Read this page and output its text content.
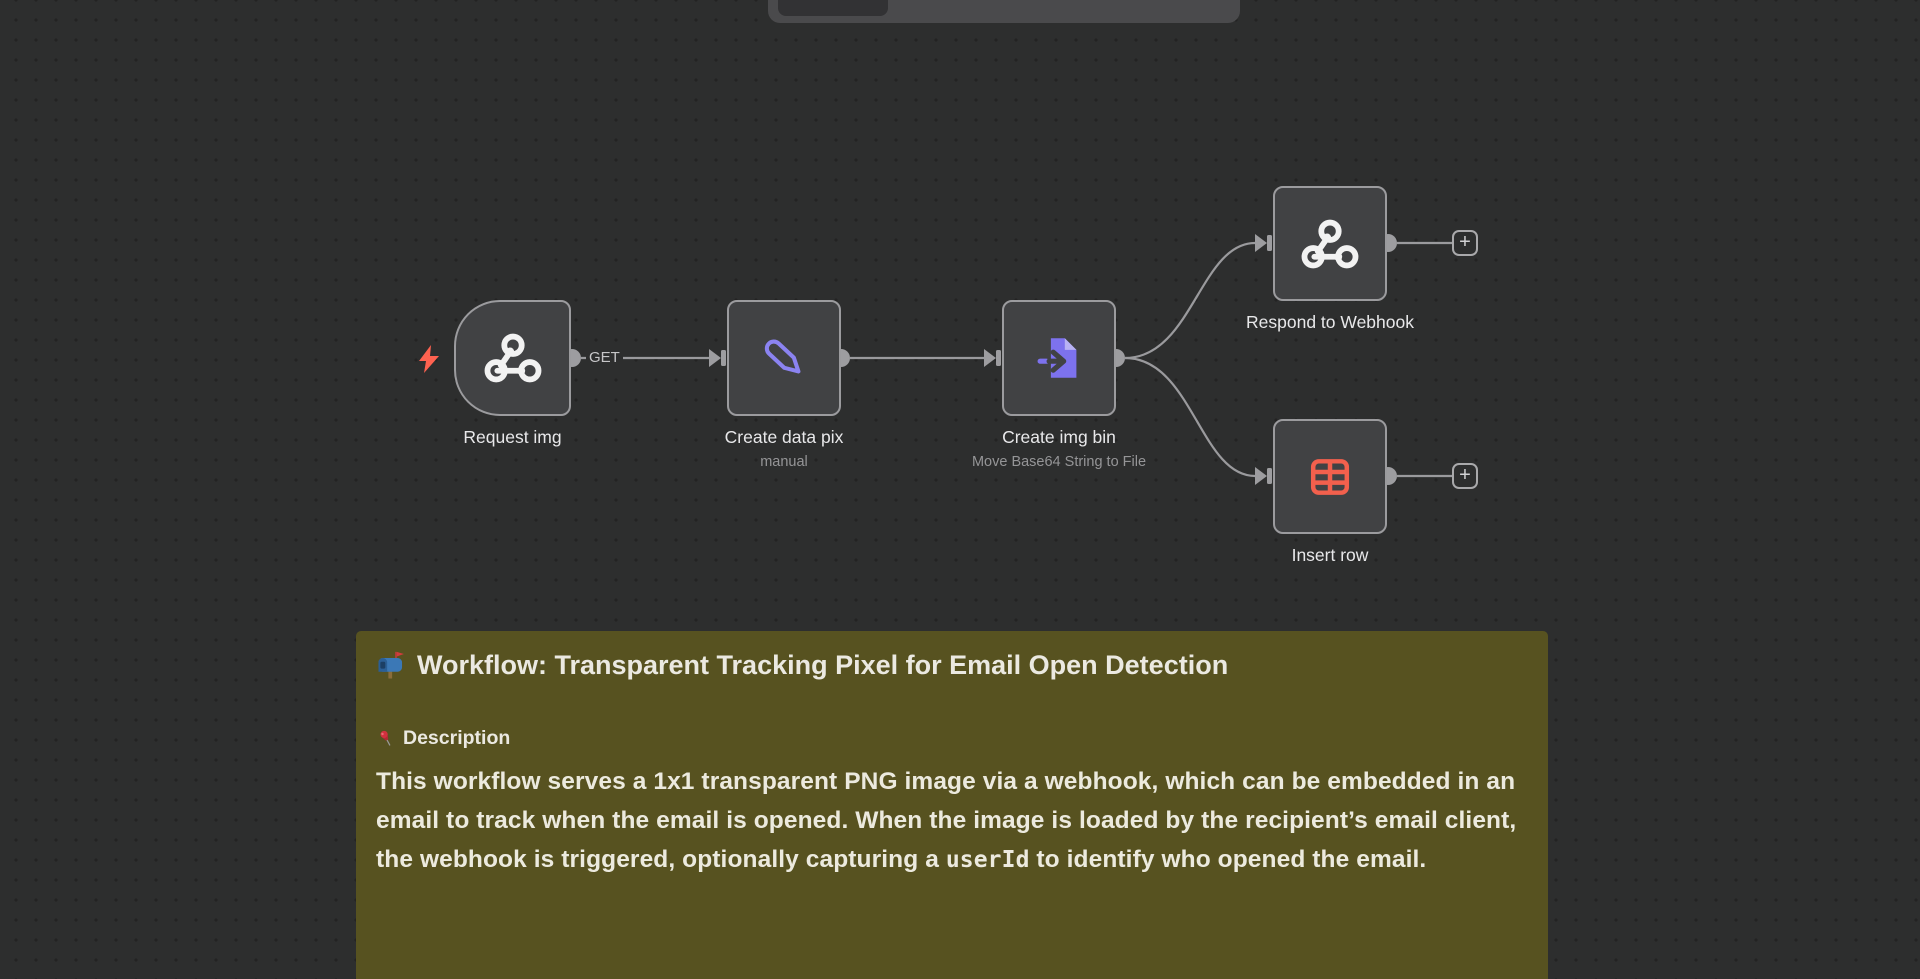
GET
Request img	Create data pix
manual
Create img bin
Move Base64 String to File
Respond to Webhook
Insert row
+
+
Workflow: Transparent Tracking Pixel for Email Open Detection
Description

This workflow serves a 1x1 transparent PNG image via a webhook, which can be embedded in an email to track when the email is opened. When the image is loaded by the recipient’s email client, the webhook is triggered, optionally capturing a userId to identify who opened the email.
